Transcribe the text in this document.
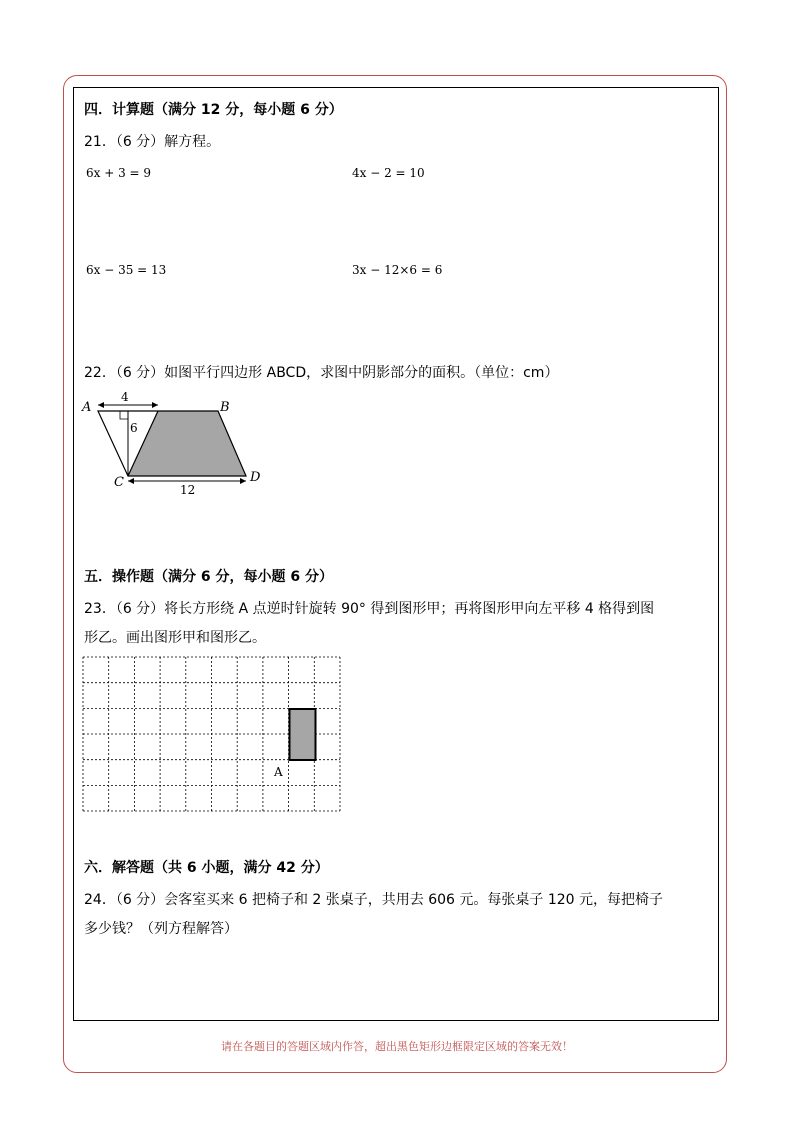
四．计算题（满分 12 分，每小题 6 分）
21．（6 分）解方程。
6x + 3 = 9	4x − 2 = 10
6x − 35 = 13	3x − 12×6 = 6
22．（6 分）如图平行四边形 ABCD，求图中阴影部分的面积。（单位：cm）
A	B
C	D
4
6
12
五．操作题（满分 6 分，每小题 6 分）
23．（6 分）将长方形绕 A 点逆时针旋转 90° 得到图形甲；再将图形甲向左平移 4 格得到图
形乙。画出图形甲和图形乙。
A
六．解答题（共 6 小题，满分 42 分）
24．（6 分）会客室买来 6 把椅子和 2 张桌子，共用去 606 元。每张桌子 120 元，每把椅子
多少钱？（列方程解答）
请在各题目的答题区域内作答，超出黑色矩形边框限定区域的答案无效！
